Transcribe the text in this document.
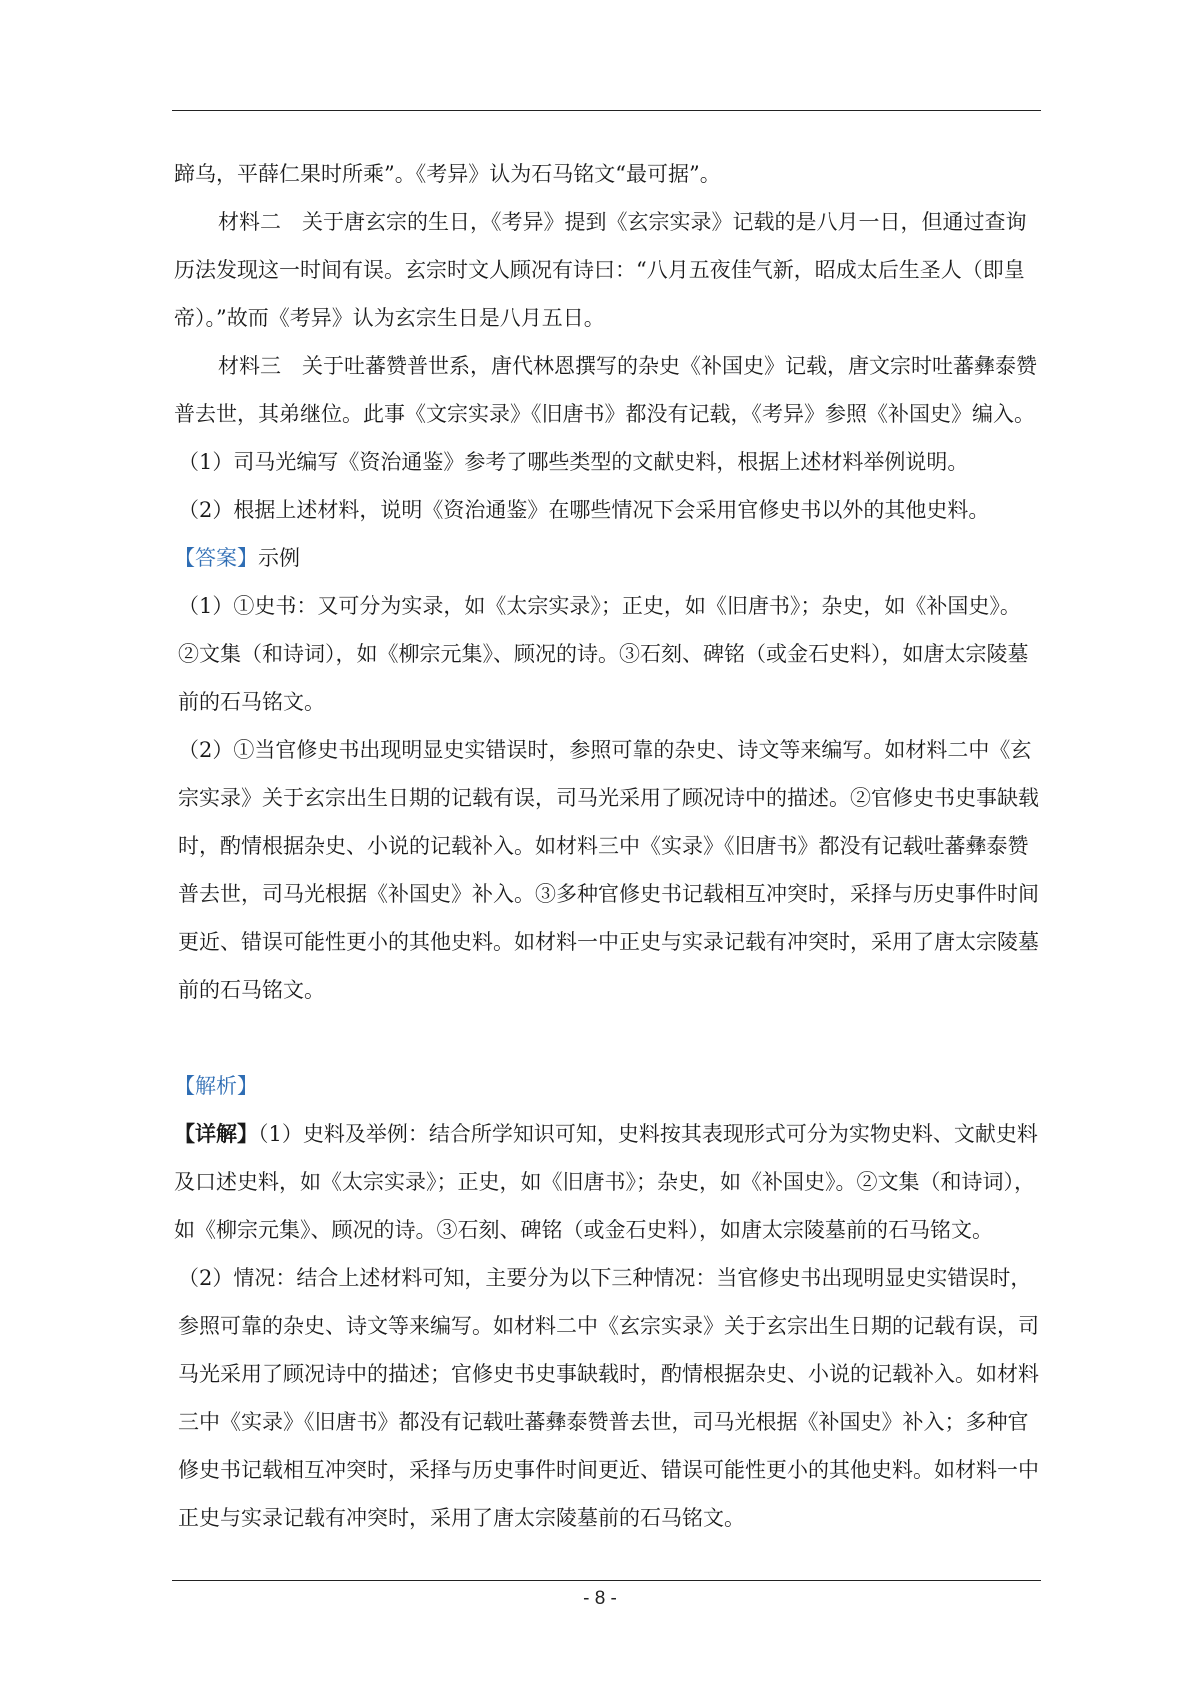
蹄乌，平薛仁果时所乘”。《考异》认为石马铭文“最可据”。

材料二　关于唐玄宗的生日，《考异》提到《玄宗实录》记载的是八月一日，但通过查询历法发现这一时间有误。玄宗时文人顾况有诗曰：“八月五夜佳气新，昭成太后生圣人（即皇帝）。”故而《考异》认为玄宗生日是八月五日。

材料三　关于吐蕃赞普世系，唐代林恩撰写的杂史《补国史》记载，唐文宗时吐蕃彝泰赞普去世，其弟继位。此事《文宗实录》《旧唐书》都没有记载，《考异》参照《补国史》编入。

（1）司马光编写《资治通鉴》参考了哪些类型的文献史料，根据上述材料举例说明。

（2）根据上述材料，说明《资治通鉴》在哪些情况下会采用官修史书以外的其他史料。

【答案】示例

（1）①史书：又可分为实录，如《太宗实录》；正史，如《旧唐书》；杂史，如《补国史》。②文集（和诗词），如《柳宗元集》、顾况的诗。③石刻、碑铭（或金石史料），如唐太宗陵墓前的石马铭文。

（2）①当官修史书出现明显史实错误时，参照可靠的杂史、诗文等来编写。如材料二中《玄宗实录》关于玄宗出生日期的记载有误，司马光采用了顾况诗中的描述。②官修史书史事缺载时，酌情根据杂史、小说的记载补入。如材料三中《实录》《旧唐书》都没有记载吐蕃彝泰赞普去世，司马光根据《补国史》补入。③多种官修史书记载相互冲突时，采择与历史事件时间更近、错误可能性更小的其他史料。如材料一中正史与实录记载有冲突时，采用了唐太宗陵墓前的石马铭文。

【解析】

【详解】（1）史料及举例：结合所学知识可知，史料按其表现形式可分为实物史料、文献史料及口述史料，如《太宗实录》；正史，如《旧唐书》；杂史，如《补国史》。②文集（和诗词），如《柳宗元集》、顾况的诗。③石刻、碑铭（或金石史料），如唐太宗陵墓前的石马铭文。

（2）情况：结合上述材料可知，主要分为以下三种情况：当官修史书出现明显史实错误时，参照可靠的杂史、诗文等来编写。如材料二中《玄宗实录》关于玄宗出生日期的记载有误，司马光采用了顾况诗中的描述；官修史书史事缺载时，酌情根据杂史、小说的记载补入。如材料三中《实录》《旧唐书》都没有记载吐蕃彝泰赞普去世，司马光根据《补国史》补入；多种官修史书记载相互冲突时，采择与历史事件时间更近、错误可能性更小的其他史料。如材料一中正史与实录记载有冲突时，采用了唐太宗陵墓前的石马铭文。

- 8 -
